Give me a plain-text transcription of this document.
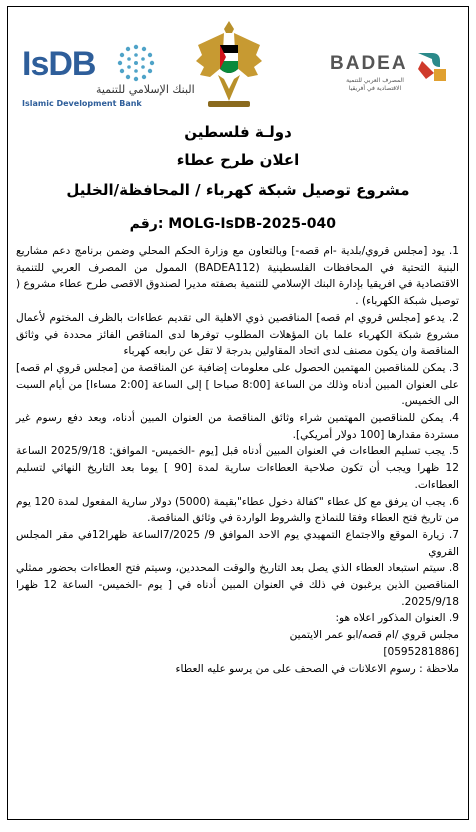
IsDB
البنك الإسلامي للتنمية
Islamic Development Bank
BADEA
المصرف العربي للتنمية الاقتصادية في أفريقيا
دولـة فلسطين
اعلان طرح عطاء
مشروع توصيل شبكة كهرباء / المحافظة/الخليل
رقم: MOLG-IsDB-2025-040

1. يود [مجلس قروي/بلدية -ام قصه-] وبالتعاون مع وزارة الحكم المحلي وضمن برنامج دعم مشاريع البنية التحتية في المحافظات الفلسطينية (BADEA112) الممول من المصرف العربي للتنمية الاقتصادية في افريقيا بإدارة البنك الإسلامي للتنمية بصفته مديرا لصندوق الاقصى طرح عطاء مشروع ( توصيل شبكة الكهرباء) .

2. يدعو [مجلس قروي ام قصه] المناقصين ذوي الاهلية الى تقديم عطاءات بالظرف المختوم لأعمال مشروع شبكة الكهرباء علما بان المؤهلات المطلوب توفرها لدى المناقص الفائز محددة في وثائق المناقصة وان يكون مصنف لدى اتحاد المقاولين بدرجة لا تقل عن رابعه كهرباء

3. يمكن للمناقصين المهتمين الحصول على معلومات إضافية عن المناقصة من [مجلس قروي ام قصه] على العنوان المبين أدناه وذلك من الساعة [8:00 صباحا ] إلى الساعة [2:00 مساءا] من أيام السبت الى الخميس.

4. يمكن للمناقصين المهتمين شراء وثائق المناقصة من العنوان المبين أدناه، وبعد دفع رسوم غير مستردة مقدارها [100 دولار أمريكي].

5. يجب تسليم العطاءات في العنوان المبين أدناه قبل [يوم -الخميس- الموافق: 2025/9/18 الساعة 12 ظهرا ويجب أن تكون صلاحية العطاءات سارية لمدة [90 ] يوما بعد التاريخ النهائي لتسليم العطاءات.

6. يجب ان يرفق مع كل عطاء "كفالة دخول عطاء"بقيمة (5000) دولار سارية المفعول لمدة 120 يوم من تاريخ فتح العطاء وفقا للنماذج والشروط الواردة في وثائق المناقصة.

7. زيارة الموقع والاجتماع التمهيدي يوم الاحد الموافق 9/ 7/2025الساعة ظهرا12في مقر المجلس القروي

8. سيتم استبعاد العطاء الذي يصل بعد التاريخ والوقت المحددين، وسيتم فتح العطاءات بحضور ممثلي المناقصين الذين يرغبون في ذلك في العنوان المبين أدناه في [ يوم -الخميس- الساعة 12 ظهرا 2025/9/18.

9. العنوان المذكور اعلاه هو:

مجلس قروي /ام قصه/ابو عمر الايتمين

[0595281886]

ملاحظة : رسوم الاعلانات في الصحف على من يرسو عليه العطاء
